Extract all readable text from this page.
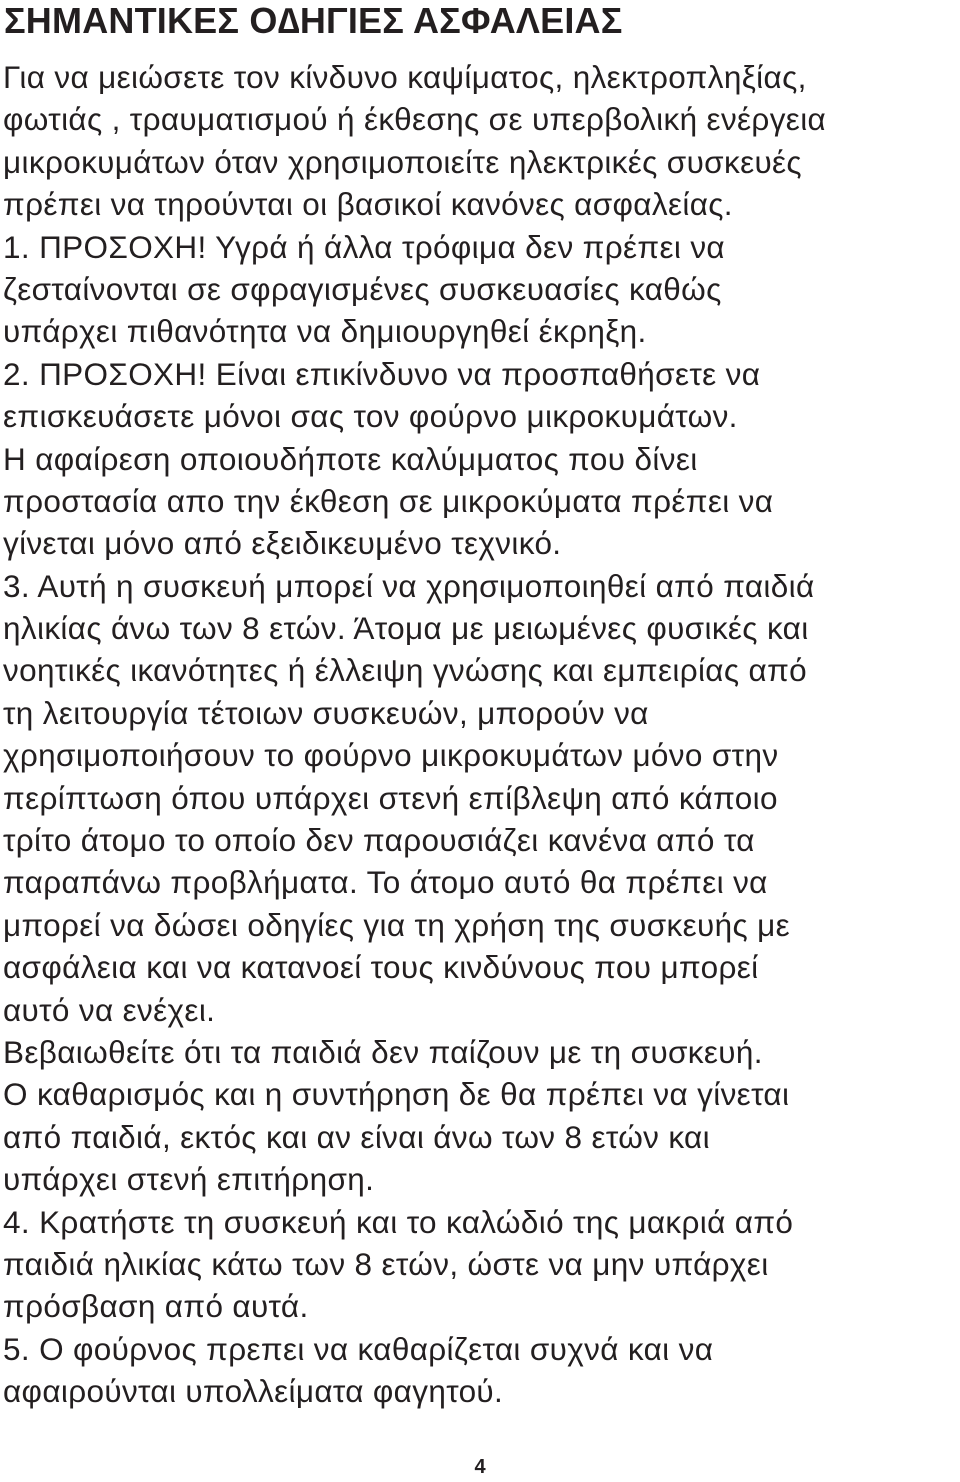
ΣΗΜΑΝΤΙΚΕΣ Ο∆ΗΓΙΕΣ ΑΣΦΑΛΕΙΑΣ
Για να μειώσετε τον κίνδυνο καψίματος, ηλεκτροπληξίας,
φωτιάς , τραυματισμού ή έκθεσης σε υπερβολική ενέργεια
μικροκυμάτων όταν χρησιμοποιείτε ηλεκτρικές συσκευές
πρέπει να τηρούνται οι βασικοί κανόνες ασφαλείας.
1. ΠΡΟΣΟΧΗ! Υγρά ή άλλα τρόφιμα δεν πρέπει να
ζεσταίνονται σε σφραγισμένες συσκευασίες καθώς
υπάρχει πιθανότητα να δημιουργηθεί έκρηξη.
2. ΠΡΟΣΟΧΗ! Είναι επικίνδυνο να προσπαθήσετε να
επισκευάσετε μόνοι σας τον φούρνο μικροκυμάτων.
Η αφαίρεση οποιουδήποτε καλύμματος που δίνει
προστασία απο την έκθεση σε μικροκύματα πρέπει να
γίνεται μόνο από εξειδικευμένο τεχνικό.
3. Αυτή η συσκευή μπορεί να χρησιμοποιηθεί από παιδιά
ηλικίας άνω των 8 ετών. Άτομα με μειωμένες φυσικές και
νοητικές ικανότητες ή έλλειψη γνώσης και εμπειρίας από
τη λειτουργία τέτοιων συσκευών, μπορούν να
χρησιμοποιήσουν το φούρνο μικροκυμάτων μόνο στην
περίπτωση όπου υπάρχει στενή επίβλεψη από κάποιο
τρίτο άτομο το οποίο δεν παρουσιάζει κανένα από τα
παραπάνω προβλήματα. Το άτομο αυτό θα πρέπει να
μπορεί να δώσει οδηγίες για τη χρήση της συσκευής με
ασφάλεια και να κατανοεί τους κινδύνους που μπορεί
αυτό να ενέχει.
Βεβαιωθείτε ότι τα παιδιά δεν παίζουν με τη συσκευή.
Ο καθαρισμός και η συντήρηση δε θα πρέπει να γίνεται
από παιδιά, εκτός και αν είναι άνω των 8 ετών και
υπάρχει στενή επιτήρηση.
4. Κρατήστε τη συσκευή και το καλώδιό της μακριά από
παιδιά ηλικίας κάτω των 8 ετών, ώστε να μην υπάρχει
πρόσβαση από αυτά.
5. Ο φούρνος πρεπει να καθαρίζεται συχνά και να
αφαιρούνται υπολλείματα φαγητού.
4
